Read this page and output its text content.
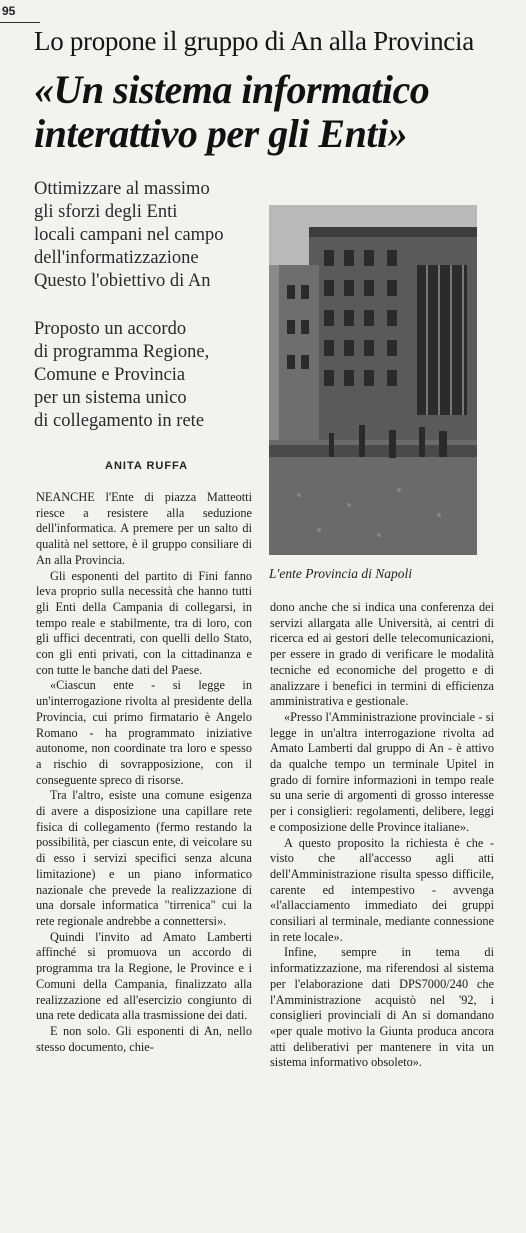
95
Lo propone il gruppo di An alla Provincia
«Un sistema informatico
interattivo per gli Enti»
Ottimizzare al massimo
gli sforzi degli Enti
locali campani nel campo
dell'informatizzazione
Questo l'obiettivo di An
Proposto un accordo
di programma Regione,
Comune e Provincia
per un sistema unico
di collegamento in rete
ANITA RUFFA
L'ente Provincia di Napoli

NEANCHE l'Ente di piazza Matteotti riesce a resistere alla seduzione dell'informatica. A premere per un salto di qualità nel settore, è il gruppo consiliare di An alla Provincia.

Gli esponenti del partito di Fini fanno leva proprio sulla necessità che hanno tutti gli Enti della Campania di collegarsi, in tempo reale e stabilmente, tra di loro, con gli uffici decentrati, con quelli dello Stato, con gli enti privati, con la cittadinanza e con tutte le banche dati del Paese.

«Ciascun ente - si legge in un'interrogazione rivolta al presidente della Provincia, cui primo firmatario è Angelo Romano - ha programmato iniziative autonome, non coordinate tra loro e spesso a rischio di sovrapposizione, con il conseguente spreco di risorse.

Tra l'altro, esiste una comune esigenza di avere a disposizione una capillare rete fisica di collegamento (fermo restando la possibilità, per ciascun ente, di veicolare su di esso i servizi specifici senza alcuna limitazione) e un piano informatico nazionale che prevede la realizzazione di una dorsale informatica "tirrenica" cui la rete regionale andrebbe a connettersi».

Quindi l'invito ad Amato Lamberti affinché si promuova un accordo di programma tra la Regione, le Province e i Comuni della Campania, finalizzato alla realizzazione ed all'esercizio congiunto di una rete dedicata alla trasmissione dei dati.

E non solo. Gli esponenti di An, nello stesso documento, chie-

dono anche che si indica una conferenza dei servizi allargata alle Università, ai centri di ricerca ed ai gestori delle telecomunicazioni, per essere in grado di verificare le modalità tecniche ed economiche del progetto e di analizzare i benefici in termini di efficienza amministrativa e gestionale.

«Presso l'Amministrazione provinciale - si legge in un'altra interrogazione rivolta ad Amato Lamberti dal gruppo di An - è attivo da qualche tempo un terminale Upitel in grado di fornire informazioni in tempo reale su una serie di argomenti di grosso interesse per i consiglieri: regolamenti, delibere, leggi e composizione delle Province italiane».

A questo proposito la richiesta è che - visto che all'accesso agli atti dell'Amministrazione risulta spesso difficile, carente ed intempestivo - avvenga «l'allacciamento immediato dei gruppi consiliari al terminale, mediante connessione in rete locale».

Infine, sempre in tema di informatizzazione, ma riferendosi al sistema per l'elaborazione dati DPS7000/240 che l'Amministrazione acquistò nel '92, i consiglieri provinciali di An si domandano «per quale motivo la Giunta produca ancora atti deliberativi per mantenere in vita un sistema informativo obsoleto».
